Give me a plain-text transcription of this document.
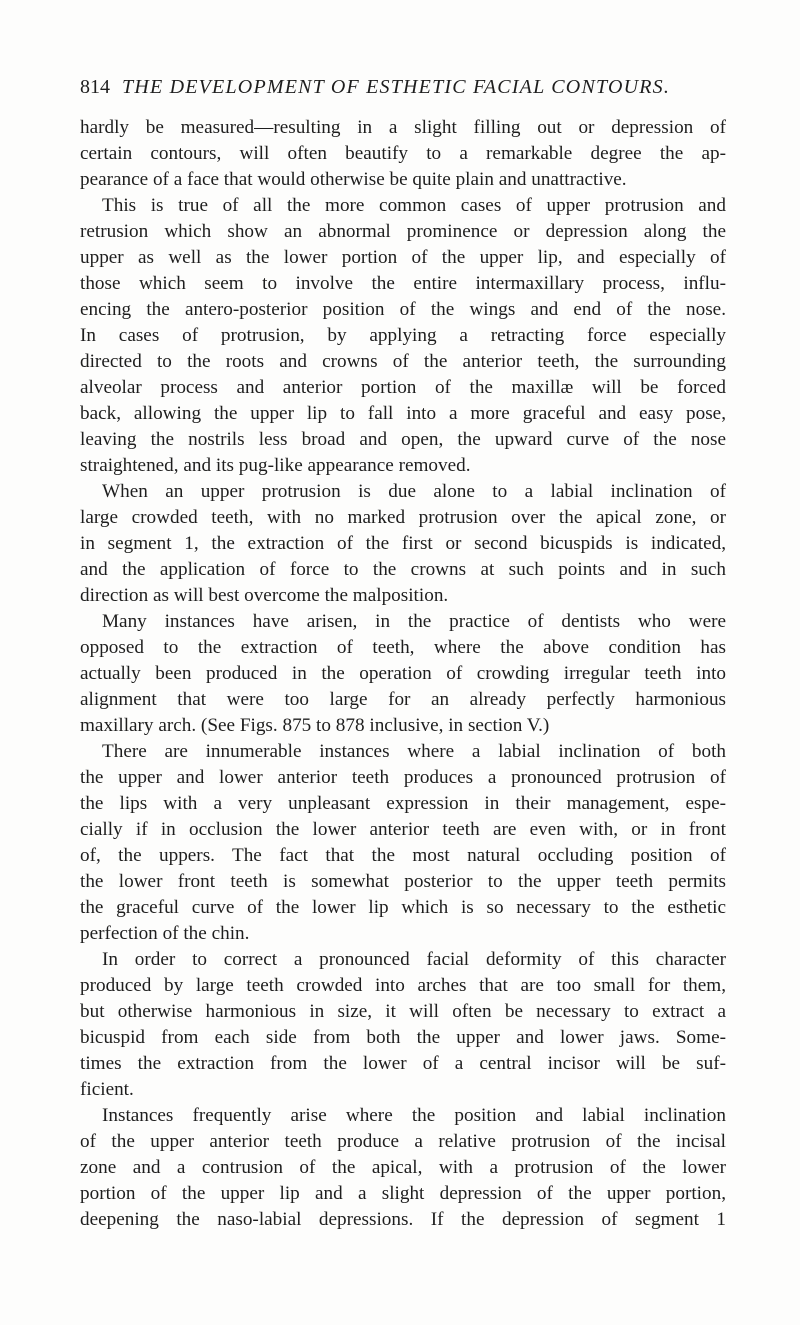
814 THE DEVELOPMENT OF ESTHETIC FACIAL CONTOURS.
hardly be measured—resulting in a slight filling out or depression of
certain contours, will often beautify to a remarkable degree the ap-
pearance of a face that would otherwise be quite plain and unattractive.
This is true of all the more common cases of upper protrusion and
retrusion which show an abnormal prominence or depression along the
upper as well as the lower portion of the upper lip, and especially of
those which seem to involve the entire intermaxillary process, influ-
encing the antero-posterior position of the wings and end of the nose.
In cases of protrusion, by applying a retracting force especially
directed to the roots and crowns of the anterior teeth, the surrounding
alveolar process and anterior portion of the maxillæ will be forced
back, allowing the upper lip to fall into a more graceful and easy pose,
leaving the nostrils less broad and open, the upward curve of the nose
straightened, and its pug-like appearance removed.
When an upper protrusion is due alone to a labial inclination of
large crowded teeth, with no marked protrusion over the apical zone, or
in segment 1, the extraction of the first or second bicuspids is indicated,
and the application of force to the crowns at such points and in such
direction as will best overcome the malposition.
Many instances have arisen, in the practice of dentists who were
opposed to the extraction of teeth, where the above condition has
actually been produced in the operation of crowding irregular teeth into
alignment that were too large for an already perfectly harmonious
maxillary arch. (See Figs. 875 to 878 inclusive, in section V.)
There are innumerable instances where a labial inclination of both
the upper and lower anterior teeth produces a pronounced protrusion of
the lips with a very unpleasant expression in their management, espe-
cially if in occlusion the lower anterior teeth are even with, or in front
of, the uppers. The fact that the most natural occluding position of
the lower front teeth is somewhat posterior to the upper teeth permits
the graceful curve of the lower lip which is so necessary to the esthetic
perfection of the chin.
In order to correct a pronounced facial deformity of this character
produced by large teeth crowded into arches that are too small for them,
but otherwise harmonious in size, it will often be necessary to extract a
bicuspid from each side from both the upper and lower jaws. Some-
times the extraction from the lower of a central incisor will be suf-
ficient.
Instances frequently arise where the position and labial inclination
of the upper anterior teeth produce a relative protrusion of the incisal
zone and a contrusion of the apical, with a protrusion of the lower
portion of the upper lip and a slight depression of the upper portion,
deepening the naso-labial depressions. If the depression of segment 1
